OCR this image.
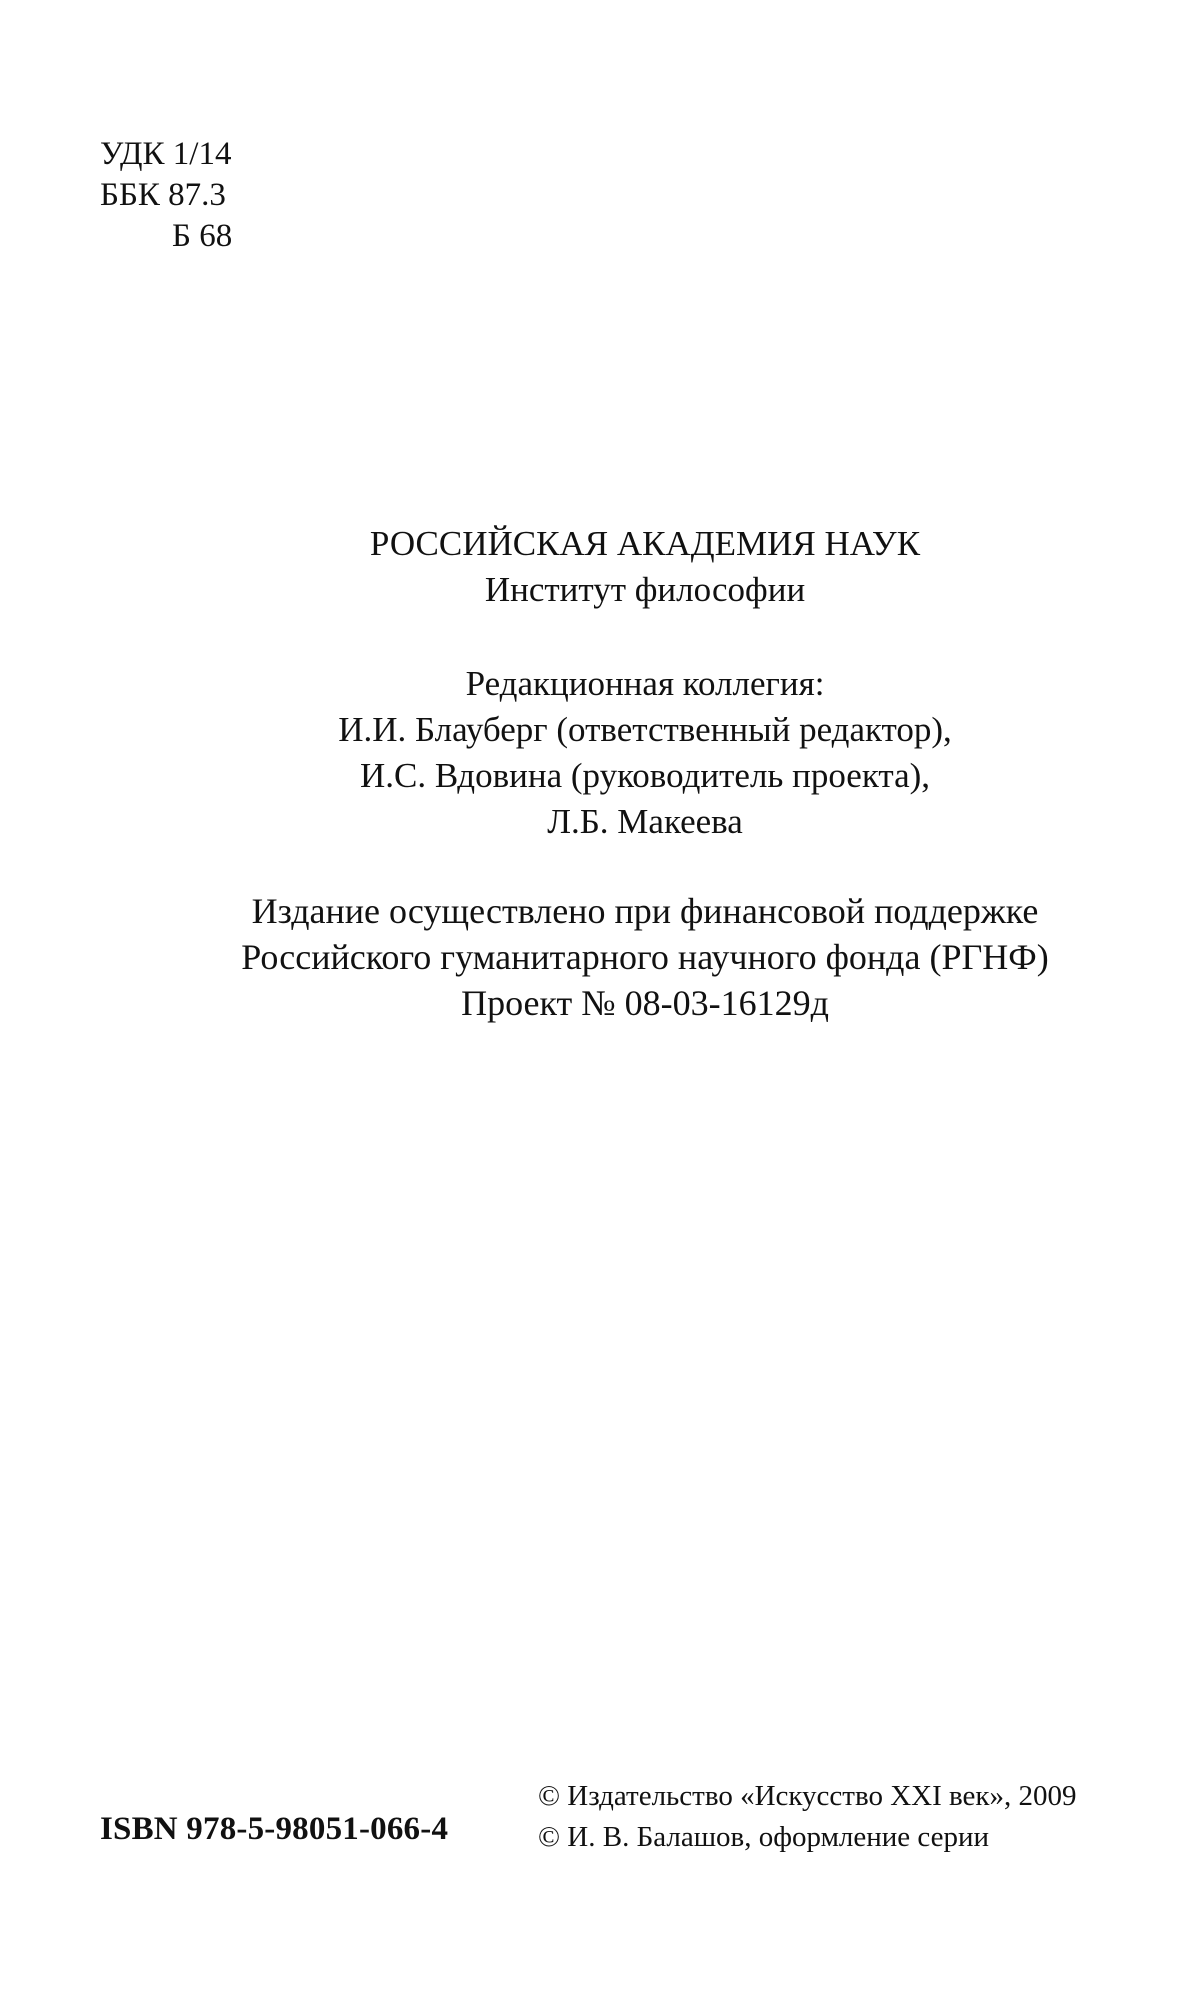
УДК 1/14
ББК 87.3
Б 68
РОССИЙСКАЯ АКАДЕМИЯ НАУК
Институт философии
Редакционная коллегия:
И.И. Блауберг (ответственный редактор),
И.С. Вдовина (руководитель проекта),
Л.Б. Макеева
Издание осуществлено при финансовой поддержке
Российского гуманитарного научного фонда (РГНФ)
Проект № 08-03-16129д
ISBN 978-5-98051-066-4
© Издательство «Искусство XXI век», 2009
© И. В. Балашов, оформление серии
